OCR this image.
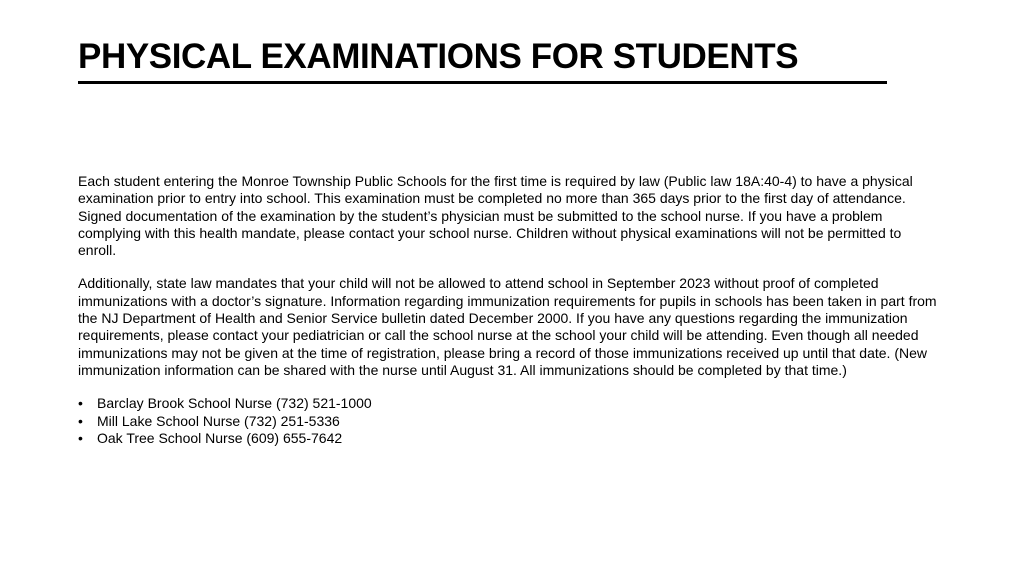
PHYSICAL EXAMINATIONS FOR STUDENTS

Each student entering the Monroe Township Public Schools for the first time is required by law (Public law 18A:40-4) to have a physical examination prior to entry into school. This examination must be completed no more than 365 days prior to the first day of attendance. Signed documentation of the examination by the student’s physician must be submitted to the school nurse. If you have a problem complying with this health mandate, please contact your school nurse. Children without physical examinations will not be permitted to enroll.

Additionally, state law mandates that your child will not be allowed to attend school in September 2023 without proof of completed immunizations with a doctor’s signature. Information regarding immunization requirements for pupils in schools has been taken in part from the NJ Department of Health and Senior Service bulletin dated December 2000. If you have any questions regarding the immunization requirements, please contact your pediatrician or call the school nurse at the school your child will be attending. Even though all needed immunizations may not be given at the time of registration, please bring a record of those immunizations received up until that date. (New immunization information can be shared with the nurse until August 31. All immunizations should be completed by that time.)

• Barclay Brook School Nurse (732) 521-1000
• Mill Lake School Nurse (732) 251-5336
• Oak Tree School Nurse (609) 655-7642
